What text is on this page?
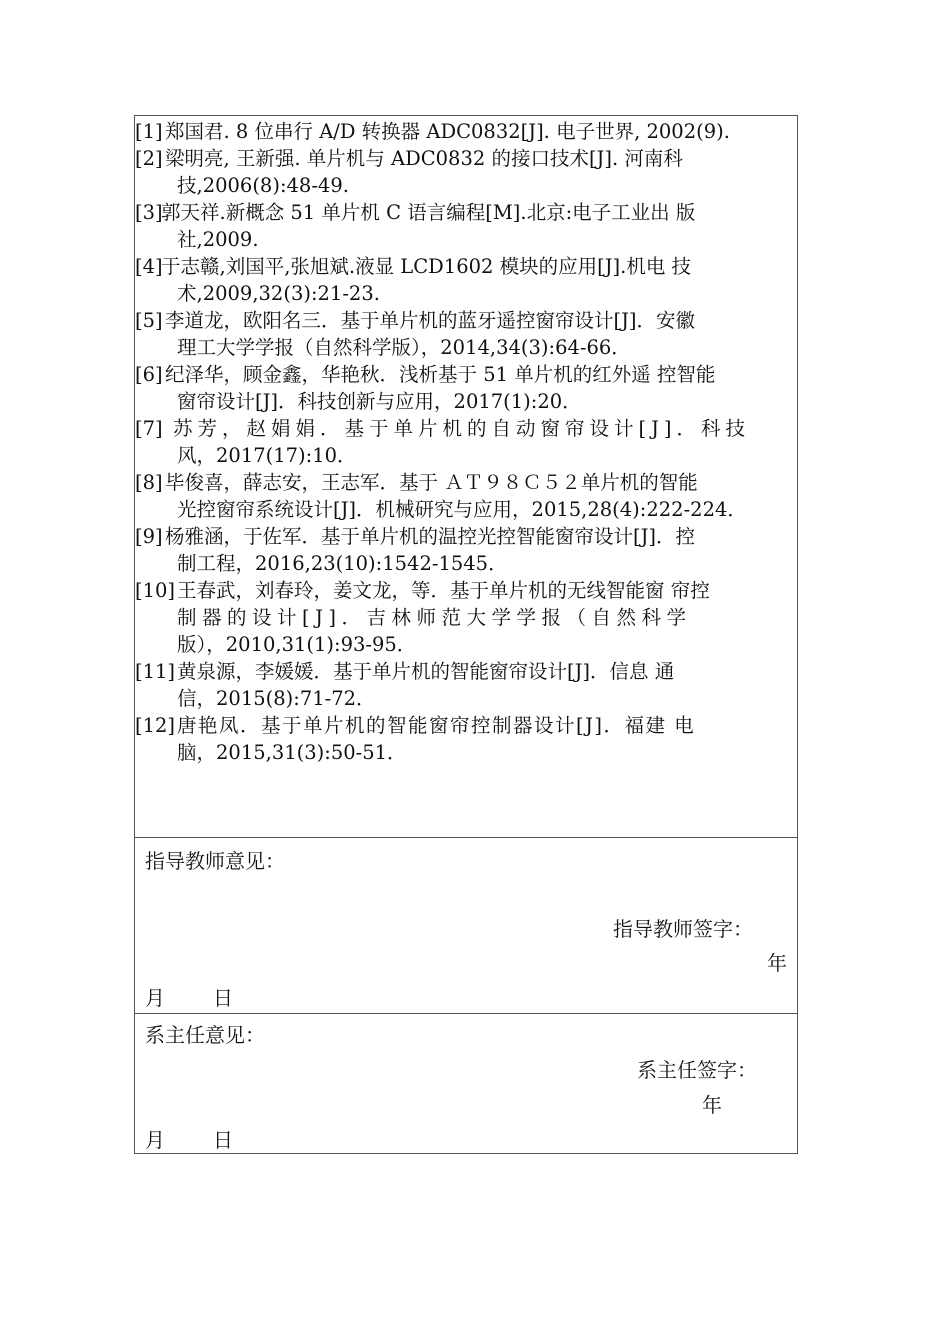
[1] 郑国君. 8 位串行 A/D 转换器 ADC0832[J]. 电子世界, 2002(9).
[2] 梁明亮, 王新强. 单片机与 ADC0832 的接口技术[J]. 河南科
技,2006(8):48-49.
[3]
郭天祥.新概念 51 单片机 C 语言编程[M].北京:电子工业出 版
社,2009.
[4]
于志赣,刘国平,张旭斌.液显 LCD1602 模块的应用[J].机电 技
术,2009,32(3):21-23.
[5] 李道龙，欧阳名三．基于单片机的蓝牙遥控窗帘设计[J]．安徽
理工大学学报（自然科学版），2014,34(3):64-66．
[6] 纪泽华，顾金鑫，华艳秋．浅析基于 51 单片机的红外遥 控智能
窗帘设计[J]．科技创新与应用，2017(1):20．
[7] 苏芳，赵娟娟．基于单片机的自动窗帘设计[J]．科技
风，2017(17):10．
[8] 毕俊喜，薛志安，王志军．基于 ＡＴ９８Ｃ５２单片机的智能
光控窗帘系统设计[J]．机械研究与应用，2015,28(4):222-224．
[9] 杨雅涵，于佐军．基于单片机的温控光控智能窗帘设计[J]．控
制工程，2016,23(10):1542-1545．
[10] 王春武，刘春玲，姜文龙，等．基于单片机的无线智能窗 帘控
制器的设计[J]．吉林师范大学学报（自然科学
版），2010,31(1):93-95．
[11] 黄泉源，李媛媛．基于单片机的智能窗帘设计[J]．信息 通
信，2015(8):71-72．
[12] 唐艳凤．基于单片机的智能窗帘控制器设计[J]．福建 电
脑，2015,31(3):50-51．
指导教师意见：
指导教师签字：
年
月 日
系主任意见：
系主任签字：
年
月 日
